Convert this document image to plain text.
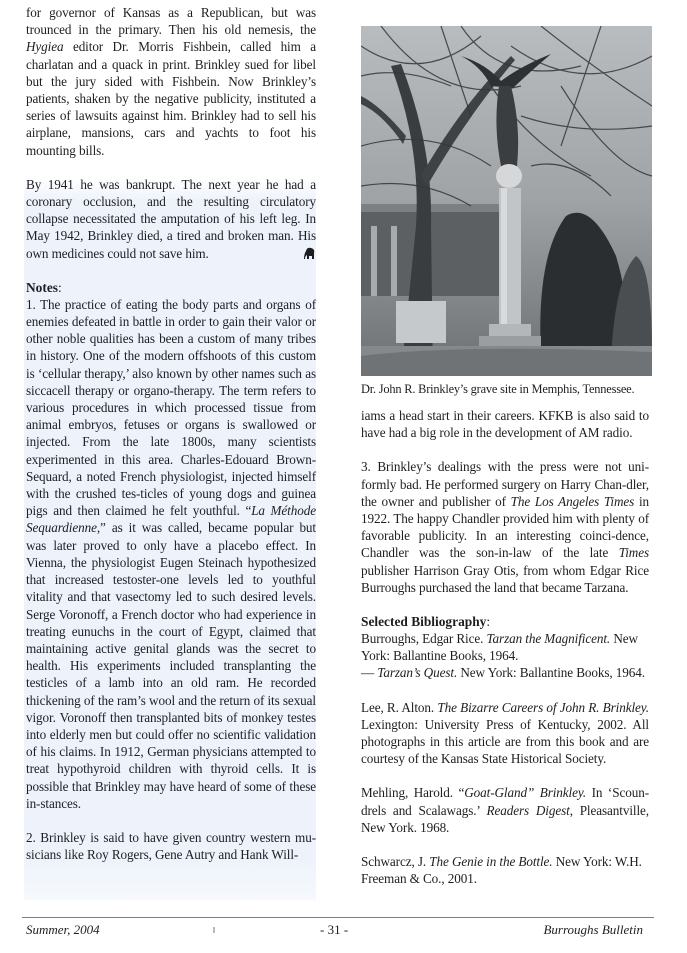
for governor of Kansas as a Republican, but was trounced in the primary. Then his old nemesis, the Hygiea editor Dr. Morris Fishbein, called him a charlatan and a quack in print. Brinkley sued for libel but the jury sided with Fishbein. Now Brinkley’s patients, shaken by the negative publicity, instituted a series of lawsuits against him. Brinkley had to sell his airplane, mansions, cars and yachts to foot his mounting bills.

By 1941 he was bankrupt. The next year he had a coronary occlusion, and the resulting circulatory collapse necessitated the amputation of his left leg. In May 1942, Brinkley died, a tired and broken man. His own medicines could not save him.

Notes:

1. The practice of eating the body parts and organs of enemies defeated in battle in order to gain their valor or other noble qualities has been a custom of many tribes in history. One of the modern offshoots of this custom is ‘cellular therapy,’ also known by other names such as siccacell therapy or organo-therapy. The term refers to various procedures in which processed tissue from animal embryos, fetuses or organs is swallowed or injected. From the late 1800s, many scientists experimented in this area. Charles-Edouard Brown-Sequard, a noted French physiologist, injected himself with the crushed tes-ticles of young dogs and guinea pigs and then claimed he felt youthful. “La Méthode Sequardienne,” as it was called, became popular but was later proved to only have a placebo effect. In Vienna, the physiologist Eugen Steinach hypothesized that increased testoster-one levels led to youthful vitality and that vasectomy led to such desired levels. Serge Voronoff, a French doctor who had experience in treating eunuchs in the court of Egypt, claimed that maintaining active genital glands was the secret to health. His experiments included transplanting the testicles of a lamb into an old ram. He recorded thickening of the ram’s wool and the return of its sexual vigor. Voronoff then transplanted bits of monkey testes into elderly men but could offer no scientific validation of his claims. In 1912, German physicians attempted to treat hypothyroid children with thyroid cells. It is possible that Brinkley may have heard of some of these in-stances.

2. Brinkley is said to have given country western mu-sicians like Roy Rogers, Gene Autry and Hank Will-

Dr. John R. Brinkley’s grave site in Memphis, Tennessee.

iams a head start in their careers. KFKB is also said to have had a big role in the development of AM radio.

3. Brinkley’s dealings with the press were not uni-formly bad. He performed surgery on Harry Chan-dler, the owner and publisher of The Los Angeles Times in 1922. The happy Chandler provided him with plenty of favorable publicity. In an interesting coinci-dence, Chandler was the son-in-law of the late Times publisher Harrison Gray Otis, from whom Edgar Rice Burroughs purchased the land that became Tarzana.

Selected Bibliography:

Burroughs, Edgar Rice. Tarzan the Magnificent. New York: Ballantine Books, 1964.

— Tarzan’s Quest. New York: Ballantine Books, 1964.

Lee, R. Alton. The Bizarre Careers of John R. Brinkley. Lexington: University Press of Kentucky, 2002. All photographs in this article are from this book and are courtesy of the Kansas State Historical Society.

Mehling, Harold. “Goat-Gland” Brinkley. In ‘Scoun-drels and Scalawags.’ Readers Digest, Pleasantville, New York. 1968.

Schwarcz, J. The Genie in the Bottle. New York: W.H. Freeman & Co., 2001.

Summer, 2004	- 31 -	Burroughs Bulletin
